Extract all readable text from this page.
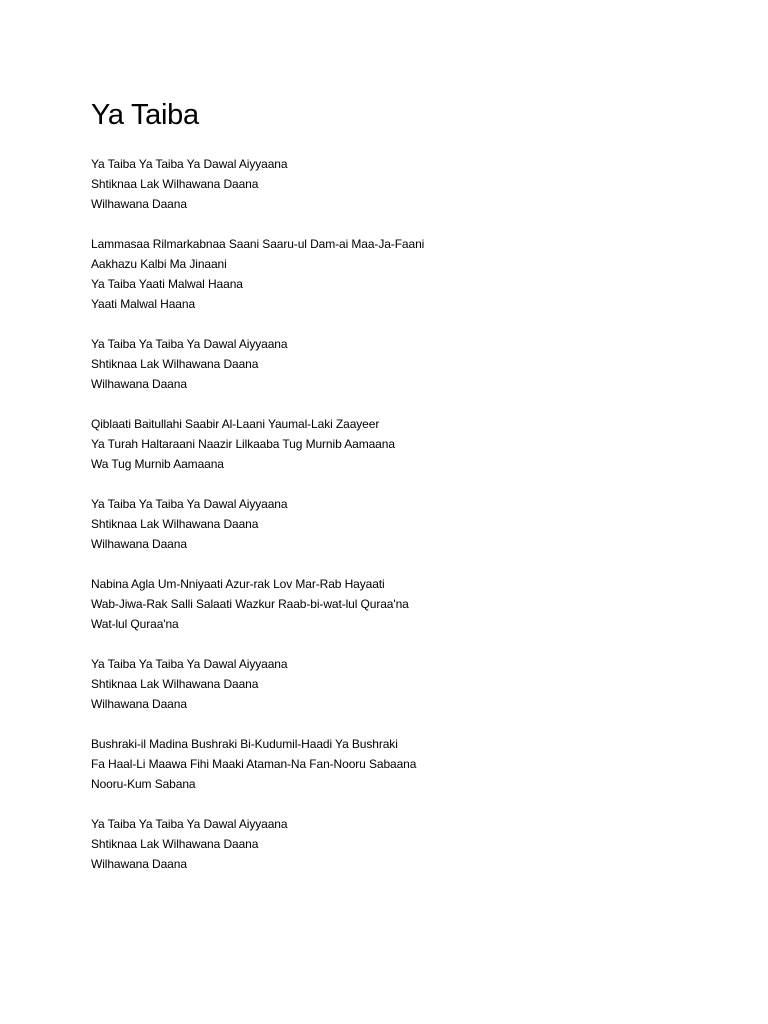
Ya Taiba
Ya Taiba Ya Taiba Ya Dawal Aiyyaana
Shtiknaa Lak Wilhawana Daana
Wilhawana Daana
Lammasaa Rilmarkabnaa Saani Saaru-ul Dam-ai Maa-Ja-Faani
Aakhazu Kalbi Ma Jinaani
Ya Taiba Yaati Malwal Haana
Yaati Malwal Haana
Ya Taiba Ya Taiba Ya Dawal Aiyyaana
Shtiknaa Lak Wilhawana Daana
Wilhawana Daana
Qiblaati Baitullahi Saabir Al-Laani Yaumal-Laki Zaayeer
Ya Turah Haltaraani Naazir Lilkaaba Tug Murnib Aamaana
Wa Tug Murnib Aamaana
Ya Taiba Ya Taiba Ya Dawal Aiyyaana
Shtiknaa Lak Wilhawana Daana
Wilhawana Daana
Nabina Agla Um-Nniyaati Azur-rak Lov Mar-Rab Hayaati
Wab-Jiwa-Rak Salli Salaati Wazkur Raab-bi-wat-lul Quraa'na
Wat-lul Quraa'na
Ya Taiba Ya Taiba Ya Dawal Aiyyaana
Shtiknaa Lak Wilhawana Daana
Wilhawana Daana
Bushraki-il Madina Bushraki Bi-Kudumil-Haadi Ya Bushraki
Fa Haal-Li Maawa Fihi Maaki Ataman-Na Fan-Nooru Sabaana
Nooru-Kum Sabana
Ya Taiba Ya Taiba Ya Dawal Aiyyaana
Shtiknaa Lak Wilhawana Daana
Wilhawana Daana
